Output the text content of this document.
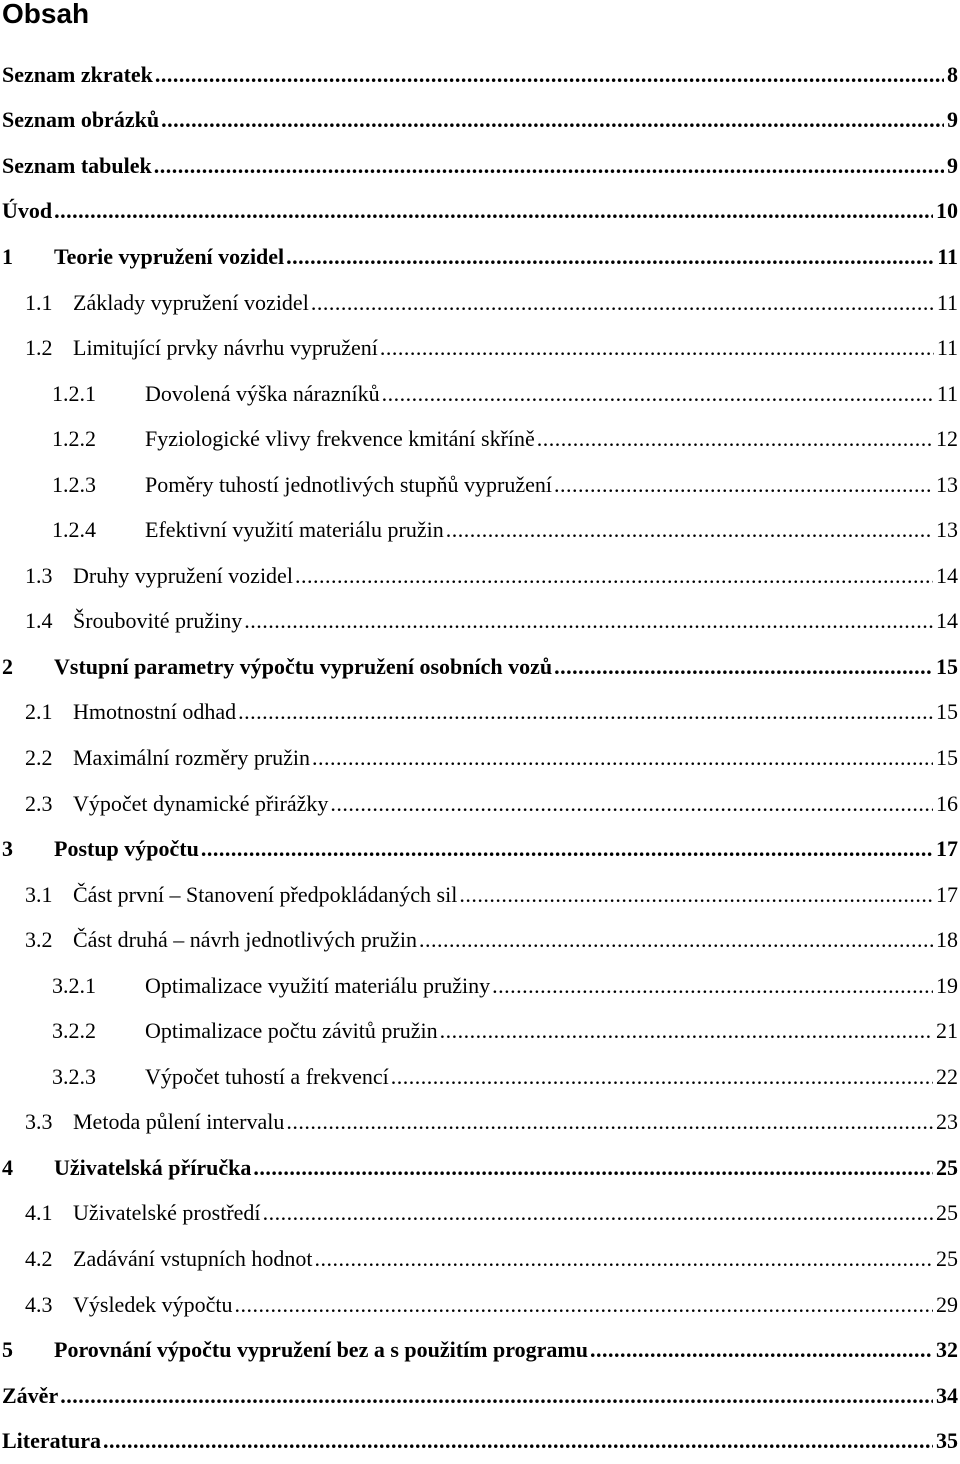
Obsah
Seznam zkratek .....	8
Seznam obrázků .....	9
Seznam tabulek .....	9
Úvod .....	10
1	Teorie vypružení vozidel .....	11
1.1 Základy vypružení vozidel .....	11
1.2 Limitující prvky návrhu vypružení .....	11
1.2.1	Dovolená výška nárazníků .....	11
1.2.2	Fyziologické vlivy frekvence kmitání skříně .....	12
1.2.3	Poměry tuhostí jednotlivých stupňů vypružení .....	13
1.2.4	Efektivní využití materiálu pružin .....	13
1.3 Druhy vypružení vozidel .....	14
1.4 Šroubovité pružiny .....	14
2	Vstupní parametry výpočtu vypružení osobních vozů .....	15
2.1 Hmotnostní odhad .....	15
2.2 Maximální rozměry pružin .....	15
2.3 Výpočet dynamické přirážky .....	16
3	Postup výpočtu .....	17
3.1 Část první – Stanovení předpokládaných sil .....	17
3.2 Část druhá – návrh jednotlivých pružin .....	18
3.2.1	Optimalizace využití materiálu pružiny .....	19
3.2.2	Optimalizace počtu závitů pružin .....	21
3.2.3	Výpočet tuhostí a frekvencí .....	22
3.3 Metoda půlení intervalu .....	23
4	Uživatelská příručka .....	25
4.1 Uživatelské prostředí .....	25
4.2 Zadávání vstupních hodnot .....	25
4.3 Výsledek výpočtu .....	29
5	Porovnání výpočtu vypružení bez a s použitím programu .....	32
Závěr .....	34
Literatura .....	35
